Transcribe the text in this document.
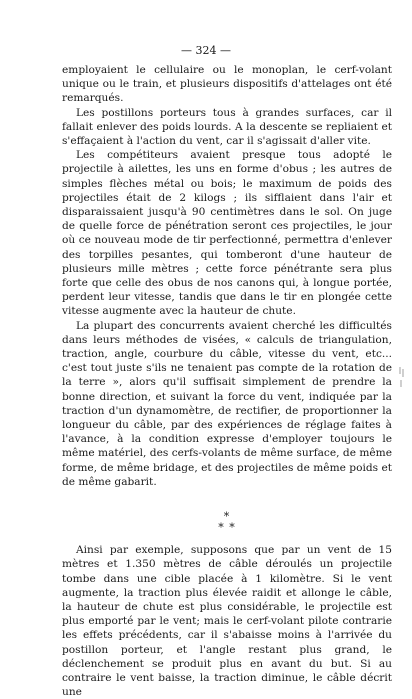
— 324 —

employaient le cellulaire ou le monoplan, le cerf-volant unique ou le train, et plusieurs dispositifs d'attelages ont été remarqués.

Les postillons porteurs tous à grandes surfaces, car il fallait enlever des poids lourds. A la descente se repliaient et s'effaçaient à l'action du vent, car il s'agissait d'aller vite.

Les compétiteurs avaient presque tous adopté le projectile à ailettes, les uns en forme d'obus ; les autres de simples flèches métal ou bois; le maximum de poids des projectiles était de 2 kilogs ; ils sifflaient dans l'air et disparaissaient jusqu'à 90 centimètres dans le sol. On juge de quelle force de pénétration seront ces projectiles, le jour où ce nouveau mode de tir perfectionné, permettra d'enlever des torpilles pesantes, qui tomberont d'une hauteur de plusieurs mille mètres ; cette force pénétrante sera plus forte que celle des obus de nos canons qui, à longue portée, perdent leur vitesse, tandis que dans le tir en plongée cette vitesse augmente avec la hauteur de chute.

La plupart des concurrents avaient cherché les difficultés dans leurs méthodes de visées, « calculs de triangulation, traction, angle, courbure du câble, vitesse du vent, etc... c'est tout juste s'ils ne tenaient pas compte de la rotation de la terre », alors qu'il suffisait simplement de prendre la bonne direction, et suivant la force du vent, indiquée par la traction d'un dynamomètre, de rectifier, de proportionner la longueur du câble, par des expériences de réglage faites à l'avance, à la condition expresse d'employer toujours le même matériel, des cerfs-volants de même surface, de même forme, de même bridage, et des projectiles de même poids et de même gabarit.

*

* *

Ainsi par exemple, supposons que par un vent de 15 mètres et 1.350 mètres de câble déroulés un projectile tombe dans une cible placée à 1 kilomètre. Si le vent augmente, la traction plus élevée raidit et allonge le câble, la hauteur de chute est plus considérable, le projectile est plus emporté par le vent; mais le cerf-volant pilote contrarie les effets précédents, car il s'abaisse moins à l'arrivée du postillon porteur, et l'angle restant plus grand, le déclenchement se produit plus en avant du but. Si au contraire le vent baisse, la traction diminue, le câble décrit une
